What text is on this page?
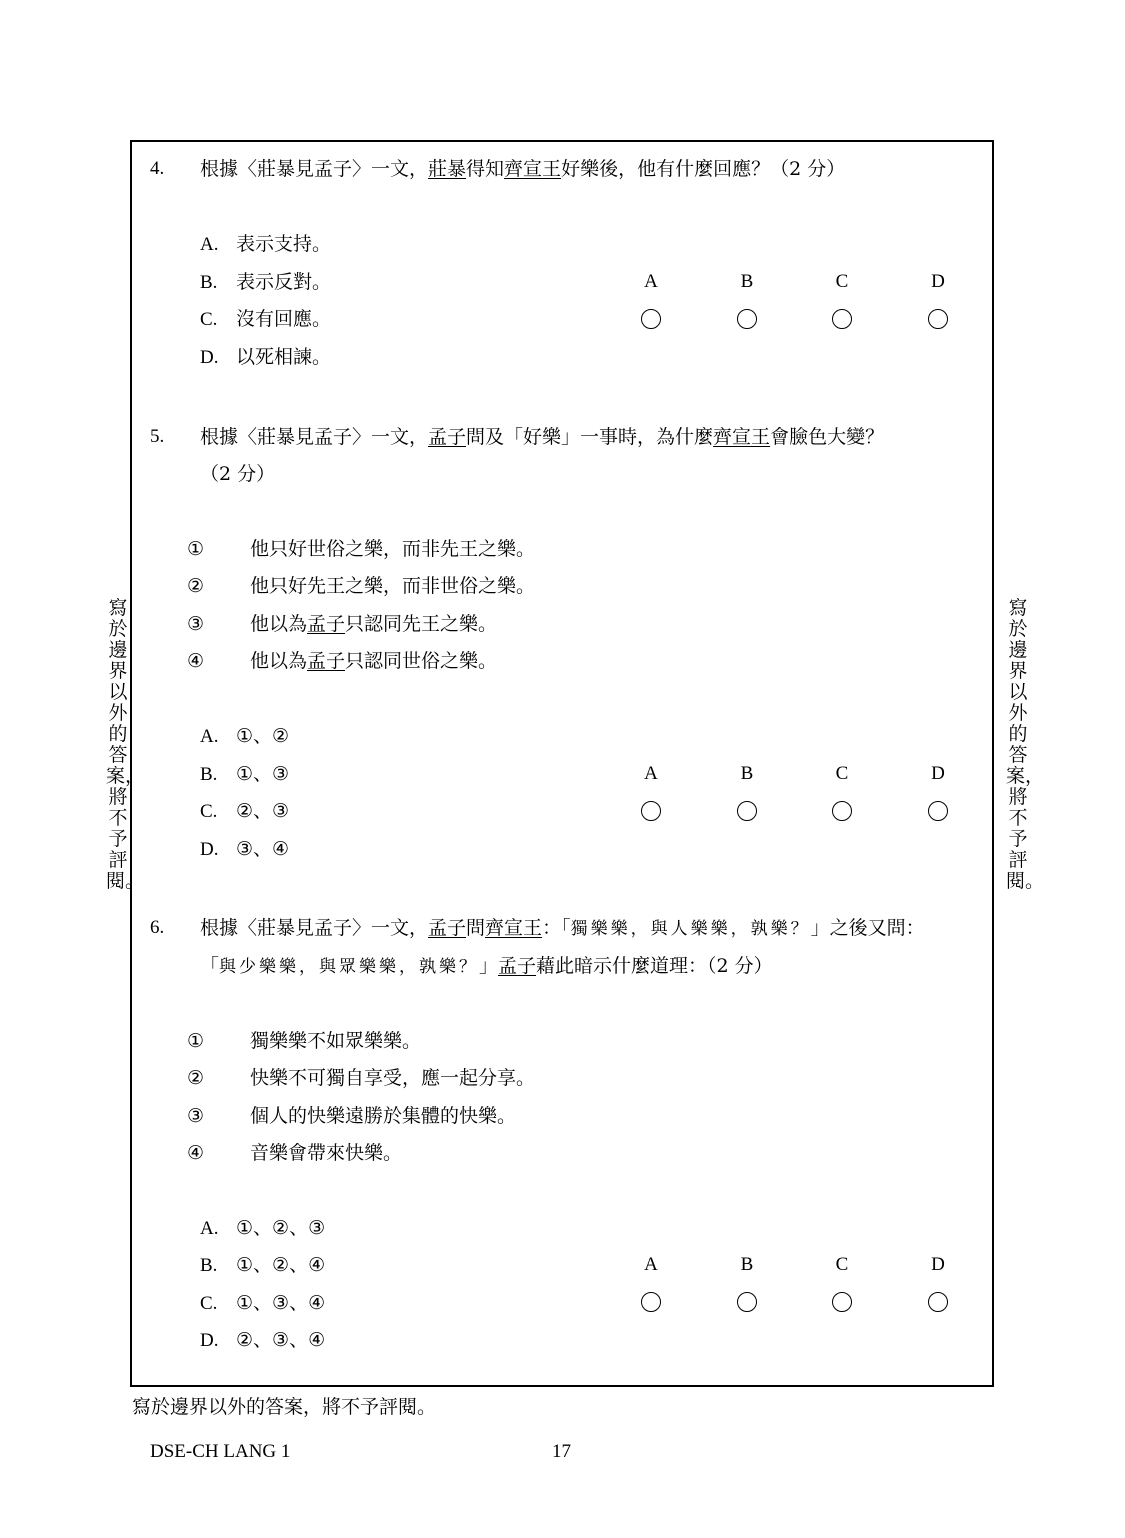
寫於邊界以外的答案，將不予評閱。
寫於邊界以外的答案，將不予評閱。
4. 根據〈莊暴見孟子〉一文，莊暴得知齊宣王好樂後，他有什麼回應？（2 分）
A. 表示支持。
B. 表示反對。
C. 沒有回應。
D. 以死相諫。
A	B	C	D
5. 根據〈莊暴見孟子〉一文，孟子問及「好樂」一事時，為什麼齊宣王會臉色大變？
（2 分）
① 他只好世俗之樂，而非先王之樂。
② 他只好先王之樂，而非世俗之樂。
③ 他以為孟子只認同先王之樂。
④ 他以為孟子只認同世俗之樂。
A. ①、②
B. ①、③
C. ②、③
D. ③、④
A	B	C	D
6. 根據〈莊暴見孟子〉一文，孟子問齊宣王：「獨樂樂，與人樂樂，孰樂？」之後又問：
「與少樂樂，與眾樂樂，孰樂？」孟子藉此暗示什麼道理：（2 分）
① 獨樂樂不如眾樂樂。
② 快樂不可獨自享受，應一起分享。
③ 個人的快樂遠勝於集體的快樂。
④ 音樂會帶來快樂。
A. ①、②、③
B. ①、②、④
C. ①、③、④
D. ②、③、④
A	B	C	D
寫於邊界以外的答案，將不予評閱。
DSE-CH LANG 1	17
